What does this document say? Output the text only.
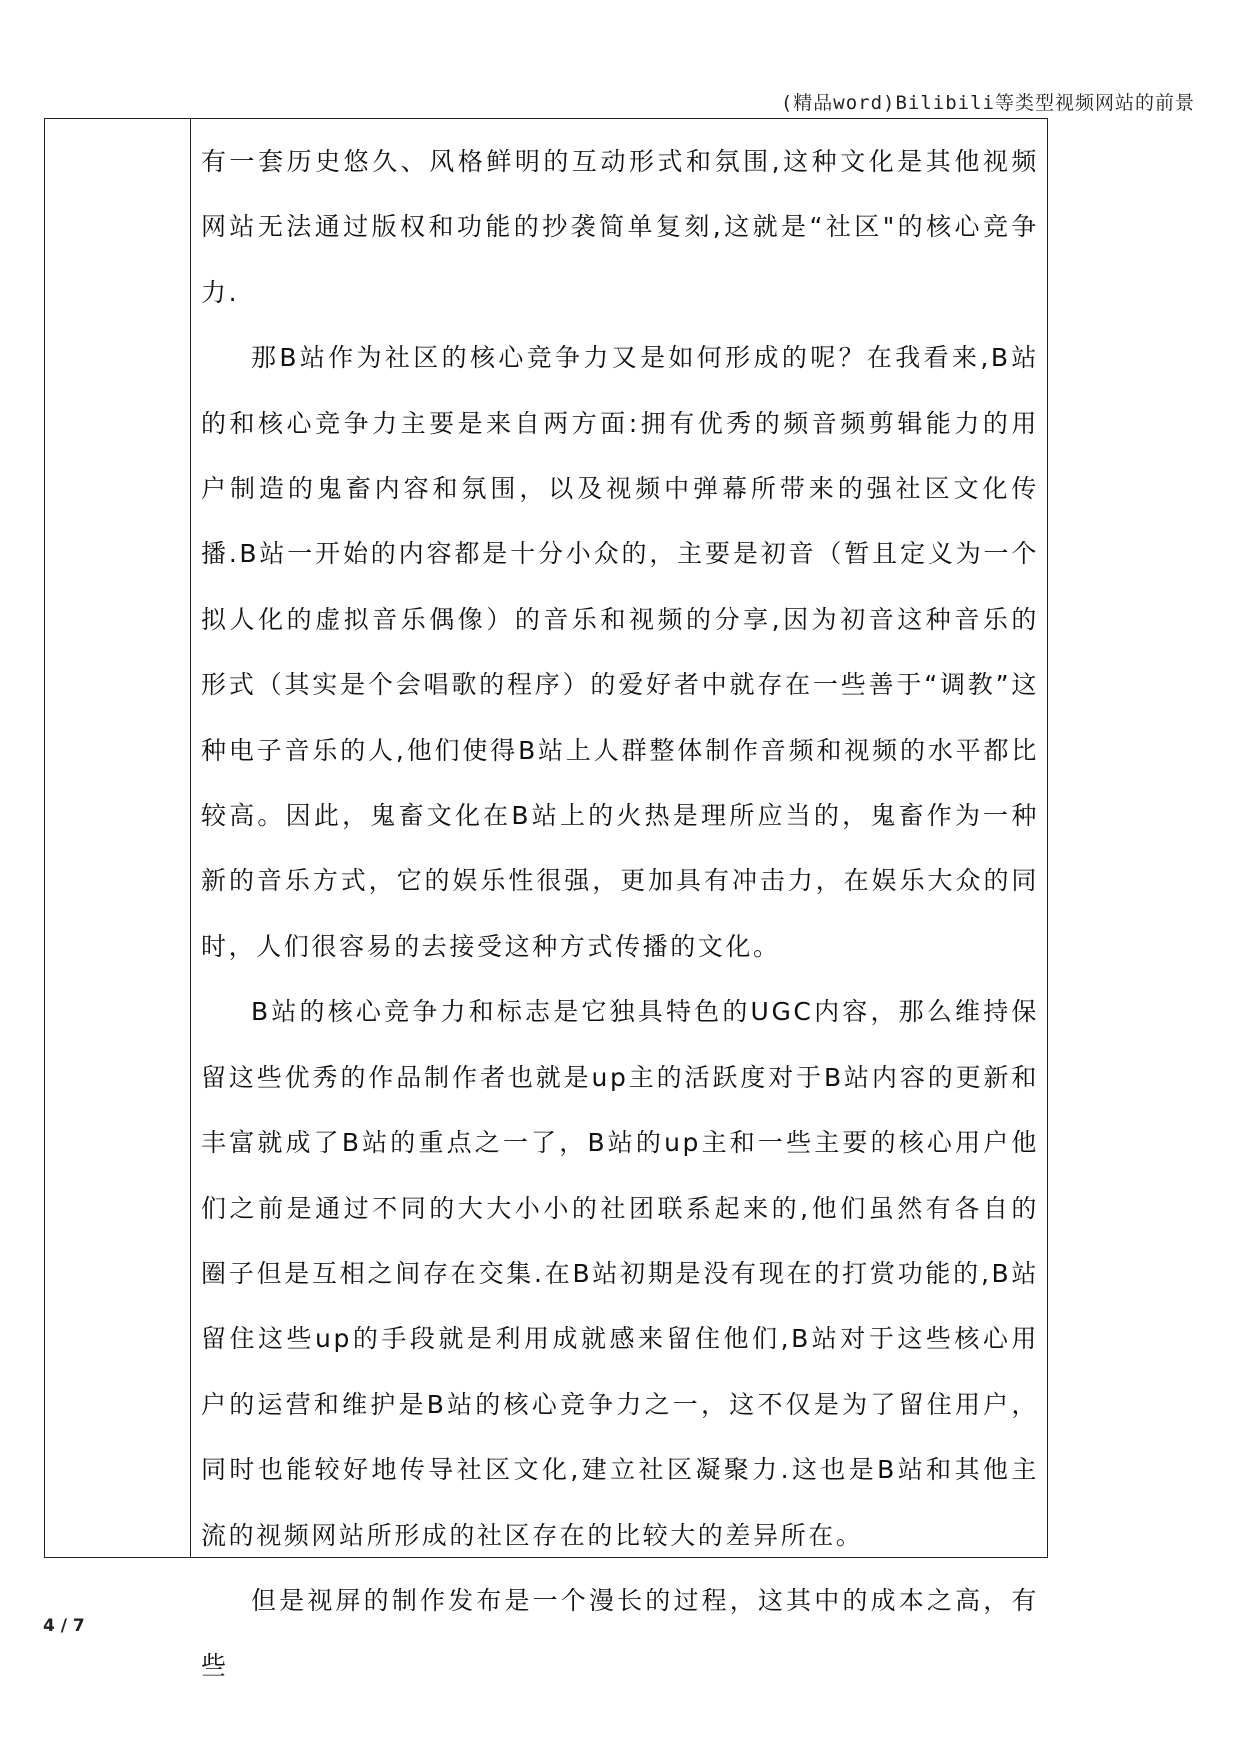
(精品word)Bilibili等类型视频网站的前景

有一套历史悠久、风格鲜明的互动形式和氛围,这种文化是其他视频网站无法通过版权和功能的抄袭简单复刻,这就是“社区"的核心竞争力.

那B站作为社区的核心竞争力又是如何形成的呢？在我看来,B站的和核心竞争力主要是来自两方面:拥有优秀的频音频剪辑能力的用户制造的鬼畜内容和氛围，以及视频中弹幕所带来的强社区文化传播.B站一开始的内容都是十分小众的，主要是初音（暂且定义为一个拟人化的虚拟音乐偶像）的音乐和视频的分享,因为初音这种音乐的形式（其实是个会唱歌的程序）的爱好者中就存在一些善于“调教”这种电子音乐的人,他们使得B站上人群整体制作音频和视频的水平都比较高。因此，鬼畜文化在B站上的火热是理所应当的，鬼畜作为一种新的音乐方式，它的娱乐性很强，更加具有冲击力，在娱乐大众的同时，人们很容易的去接受这种方式传播的文化。

B站的核心竞争力和标志是它独具特色的UGC内容，那么维持保留这些优秀的作品制作者也就是up主的活跃度对于B站内容的更新和丰富就成了B站的重点之一了，B站的up主和一些主要的核心用户他们之前是通过不同的大大小小的社团联系起来的,他们虽然有各自的圈子但是互相之间存在交集.在B站初期是没有现在的打赏功能的,B站留住这些up的手段就是利用成就感来留住他们,B站对于这些核心用户的运营和维护是B站的核心竞争力之一，这不仅是为了留住用户，同时也能较好地传导社区文化,建立社区凝聚力.这也是B站和其他主流的视频网站所形成的社区存在的比较大的差异所在。

但是视屏的制作发布是一个漫长的过程，这其中的成本之高，有些

4 / 7
